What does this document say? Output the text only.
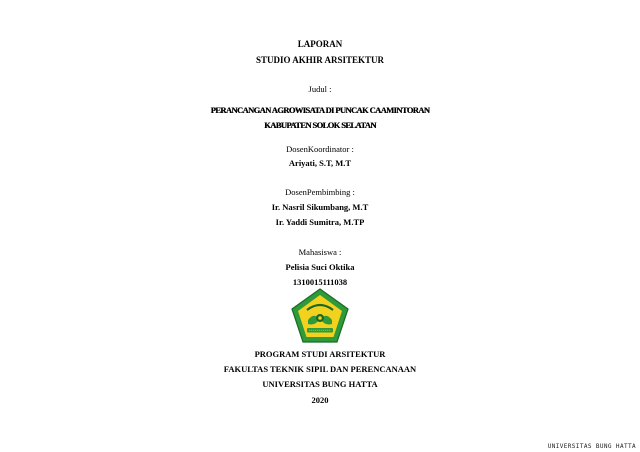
LAPORAN
STUDIO AKHIR ARSITEKTUR
Judul :
PERANCANGAN AGROWISATA DI PUNCAK CAAMINTORAN
KABUPATEN SOLOK SELATAN
DosenKoordinator :
Ariyati, S.T, M.T
DosenPembimbing :
Ir. Nasril Sikumbang, M.T
Ir. Yaddi Sumitra, M.TP
Mahasiswa :
Pelisia Suci Oktika
1310015111038
PROGRAM STUDI ARSITEKTUR
FAKULTAS TEKNIK SIPIL DAN PERENCANAAN
UNIVERSITAS BUNG HATTA
2020
UNIVERSITAS BUNG HATTA
